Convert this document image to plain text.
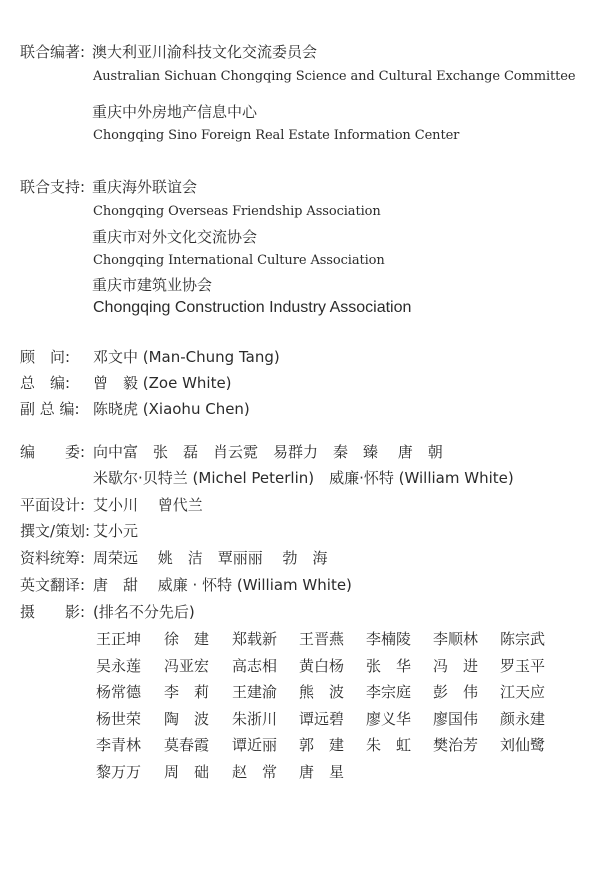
联合编著: 澳大利亚川渝科技文化交流委员会
Australian Sichuan Chongqing Science and Cultural Exchange Committee
重庆中外房地产信息中心
Chongqing Sino Foreign Real Estate Information Center
联合支持: 重庆海外联谊会
Chongqing Overseas Friendship Association
重庆市对外文化交流协会
Chongqing International Culture Association
重庆市建筑业协会
Chongqing Construction Industry Association
顾　问: 邓文中 (Man-Chung Tang)
总　编: 曾　毅 (Zoe White)
副 总 编: 陈晓虎 (Xiaohu Chen)
编　　委: 向中富　张　磊　肖云霓　易群力　秦　臻　 唐　朝
米歇尔·贝特兰 (Michel Peterlin)　威廉·怀特 (William White)
平面设计: 艾小川　 曾代兰
撰文/策划: 艾小元
资料统筹: 周荣远　 姚　洁　覃丽丽　 勃　海
英文翻译: 唐　甜　 威廉 · 怀特 (William White)
摄　　影: (排名不分先后)
王正坤 徐　建 郑载新 王晋燕 李楠陵 李顺林 陈宗武
吴永莲 冯亚宏 高志相 黄白杨 张　华 冯　进 罗玉平
杨常德 李　莉 王建渝 熊　波 李宗庭 彭　伟 江天应
杨世荣 陶　波 朱浙川 谭远碧 廖义华 廖国伟 颜永建
李青林 莫春霞 谭近丽 郭　建 朱　虹 樊治芳 刘仙鹭
黎万万 周　础 赵　常 唐　星
